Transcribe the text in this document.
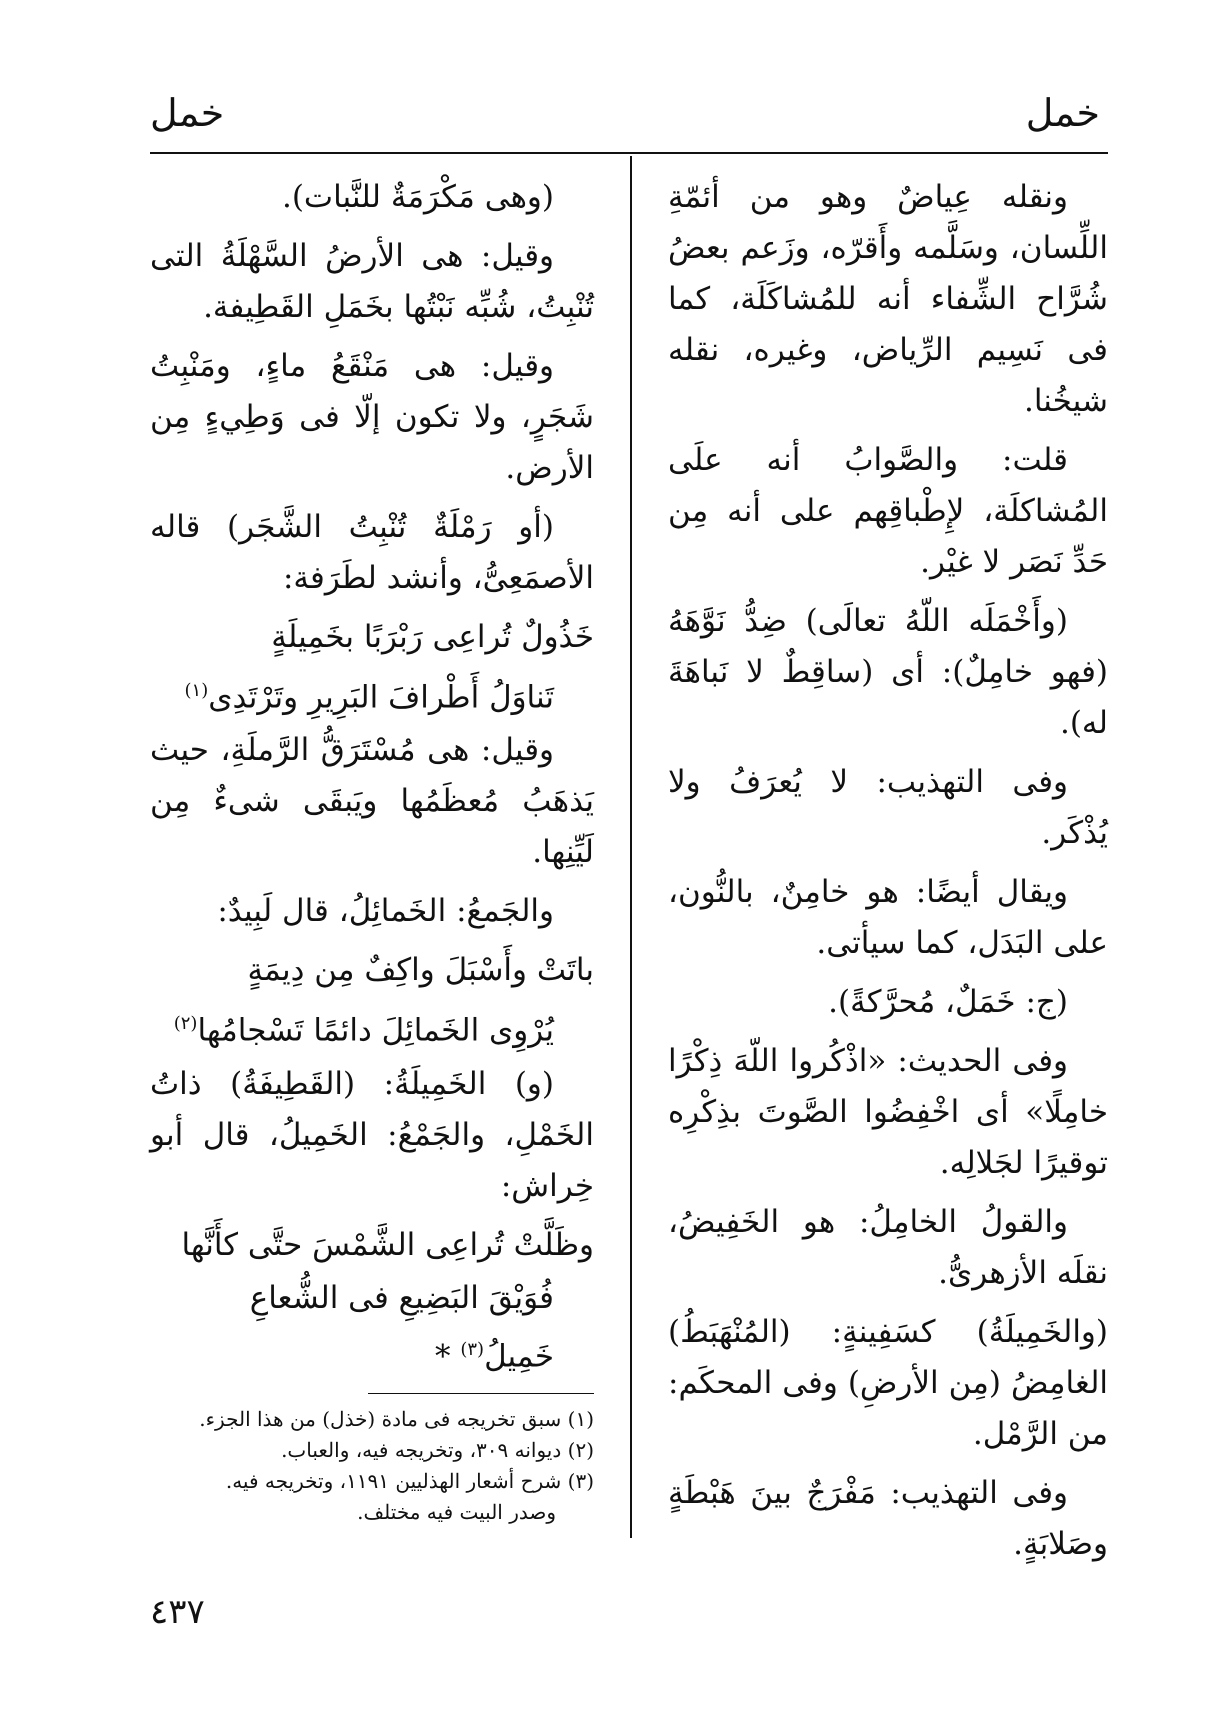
خمل
خمل

ونقله عِياضٌ وهو من أئمّةِ اللِّسان، وسَلَّمه وأَقرّه، وزَعم بعضُ شُرَّاح الشِّفاء أنه للمُشاكَلَة، كما فى نَسِيم الرِّياض، وغيره، نقله شيخُنا.

قلت: والصَّوابُ أنه علَى المُشاكلَة، لإِطْباقِهم على أنه مِن حَدِّ نَصَر لا غيْر.

(وأَخْمَلَه اللّهُ تعالَى) ضِدُّ نَوَّهَهُ (فهو خامِلٌ): أى (ساقِطٌ لا نَباهَةَ له).

وفى التهذيب: لا يُعرَفُ ولا يُذْكَر.

ويقال أيضًا: هو خامِنٌ، بالنُّون، على البَدَل، كما سيأتى.

(ج: خَمَلٌ، مُحرَّكةً).

وفى الحديث: «اذْكُروا اللّهَ ذِكْرًا خامِلًا» أى اخْفِضُوا الصَّوتَ بذِكْرِه توقيرًا لجَلالِه.

والقولُ الخامِلُ: هو الخَفِيضُ، نقلَه الأزهرىُّ.

(والخَمِيلَةُ) كسَفِينةٍ: (المُنْهَبَطُ) الغامِضُ (مِن الأرضِ) وفى المحكَم: من الرَّمْل.

وفى التهذيب: مَفْرَجٌ بينَ هَبْطَةٍ وصَلابَةٍ.

(وهى مَكْرَمَةٌ للنَّبات).

وقيل: هى الأرضُ السَّهْلَةُ التى تُنْبِتُ، شُبِّه نَبْتُها بخَمَلِ القَطِيفة.

وقيل: هى مَنْقَعُ ماءٍ، ومَنْبِتُ شَجَرٍ، ولا تكون إلّا فى وَطِيءٍ مِن الأرض.

(أو رَمْلَةٌ تُنْبِتُ الشَّجَر) قاله الأصمَعِىُّ، وأنشد لطَرَفة:

خَذُولٌ تُراعِى رَبْرَبًا بخَمِيلَةٍ
تَناوَلُ أَطْرافَ البَرِيرِ وتَرْتَدِى$^{(١)}$

وقيل: هى مُسْتَرَقُّ الرَّملَةِ، حيث يَذهَبُ مُعظَمُها ويَبقَى شىءٌ مِن لَيِّنِها.

والجَمعُ: الخَمائِلُ، قال لَبِيدٌ:

باتَتْ وأَسْبَلَ واكِفٌ مِن دِيمَةٍ
يُرْوِى الخَمائِلَ دائمًا تَسْجامُها$^{(٢)}$

(و) الخَمِيلَةُ: (القَطِيفَةُ) ذاتُ الخَمْلِ، والجَمْعُ: الخَمِيلُ، قال أبو خِراش:

وظَلَّتْ تُراعِى الشَّمْسَ حتَّى كأَنَّها
فُوَيْقَ البَضِيعِ فى الشُّعاعِ خَمِيلُ$^{(٣)}$ *
(١) سبق تخريجه فى مادة (خذل) من هذا الجزء.
(٢) ديوانه ٣٠٩، وتخريجه فيه، والعباب.
(٣) شرح أشعار الهذليين ١١٩١، وتخريجه فيه.
وصدر البيت فيه مختلف.
٤٣٧
